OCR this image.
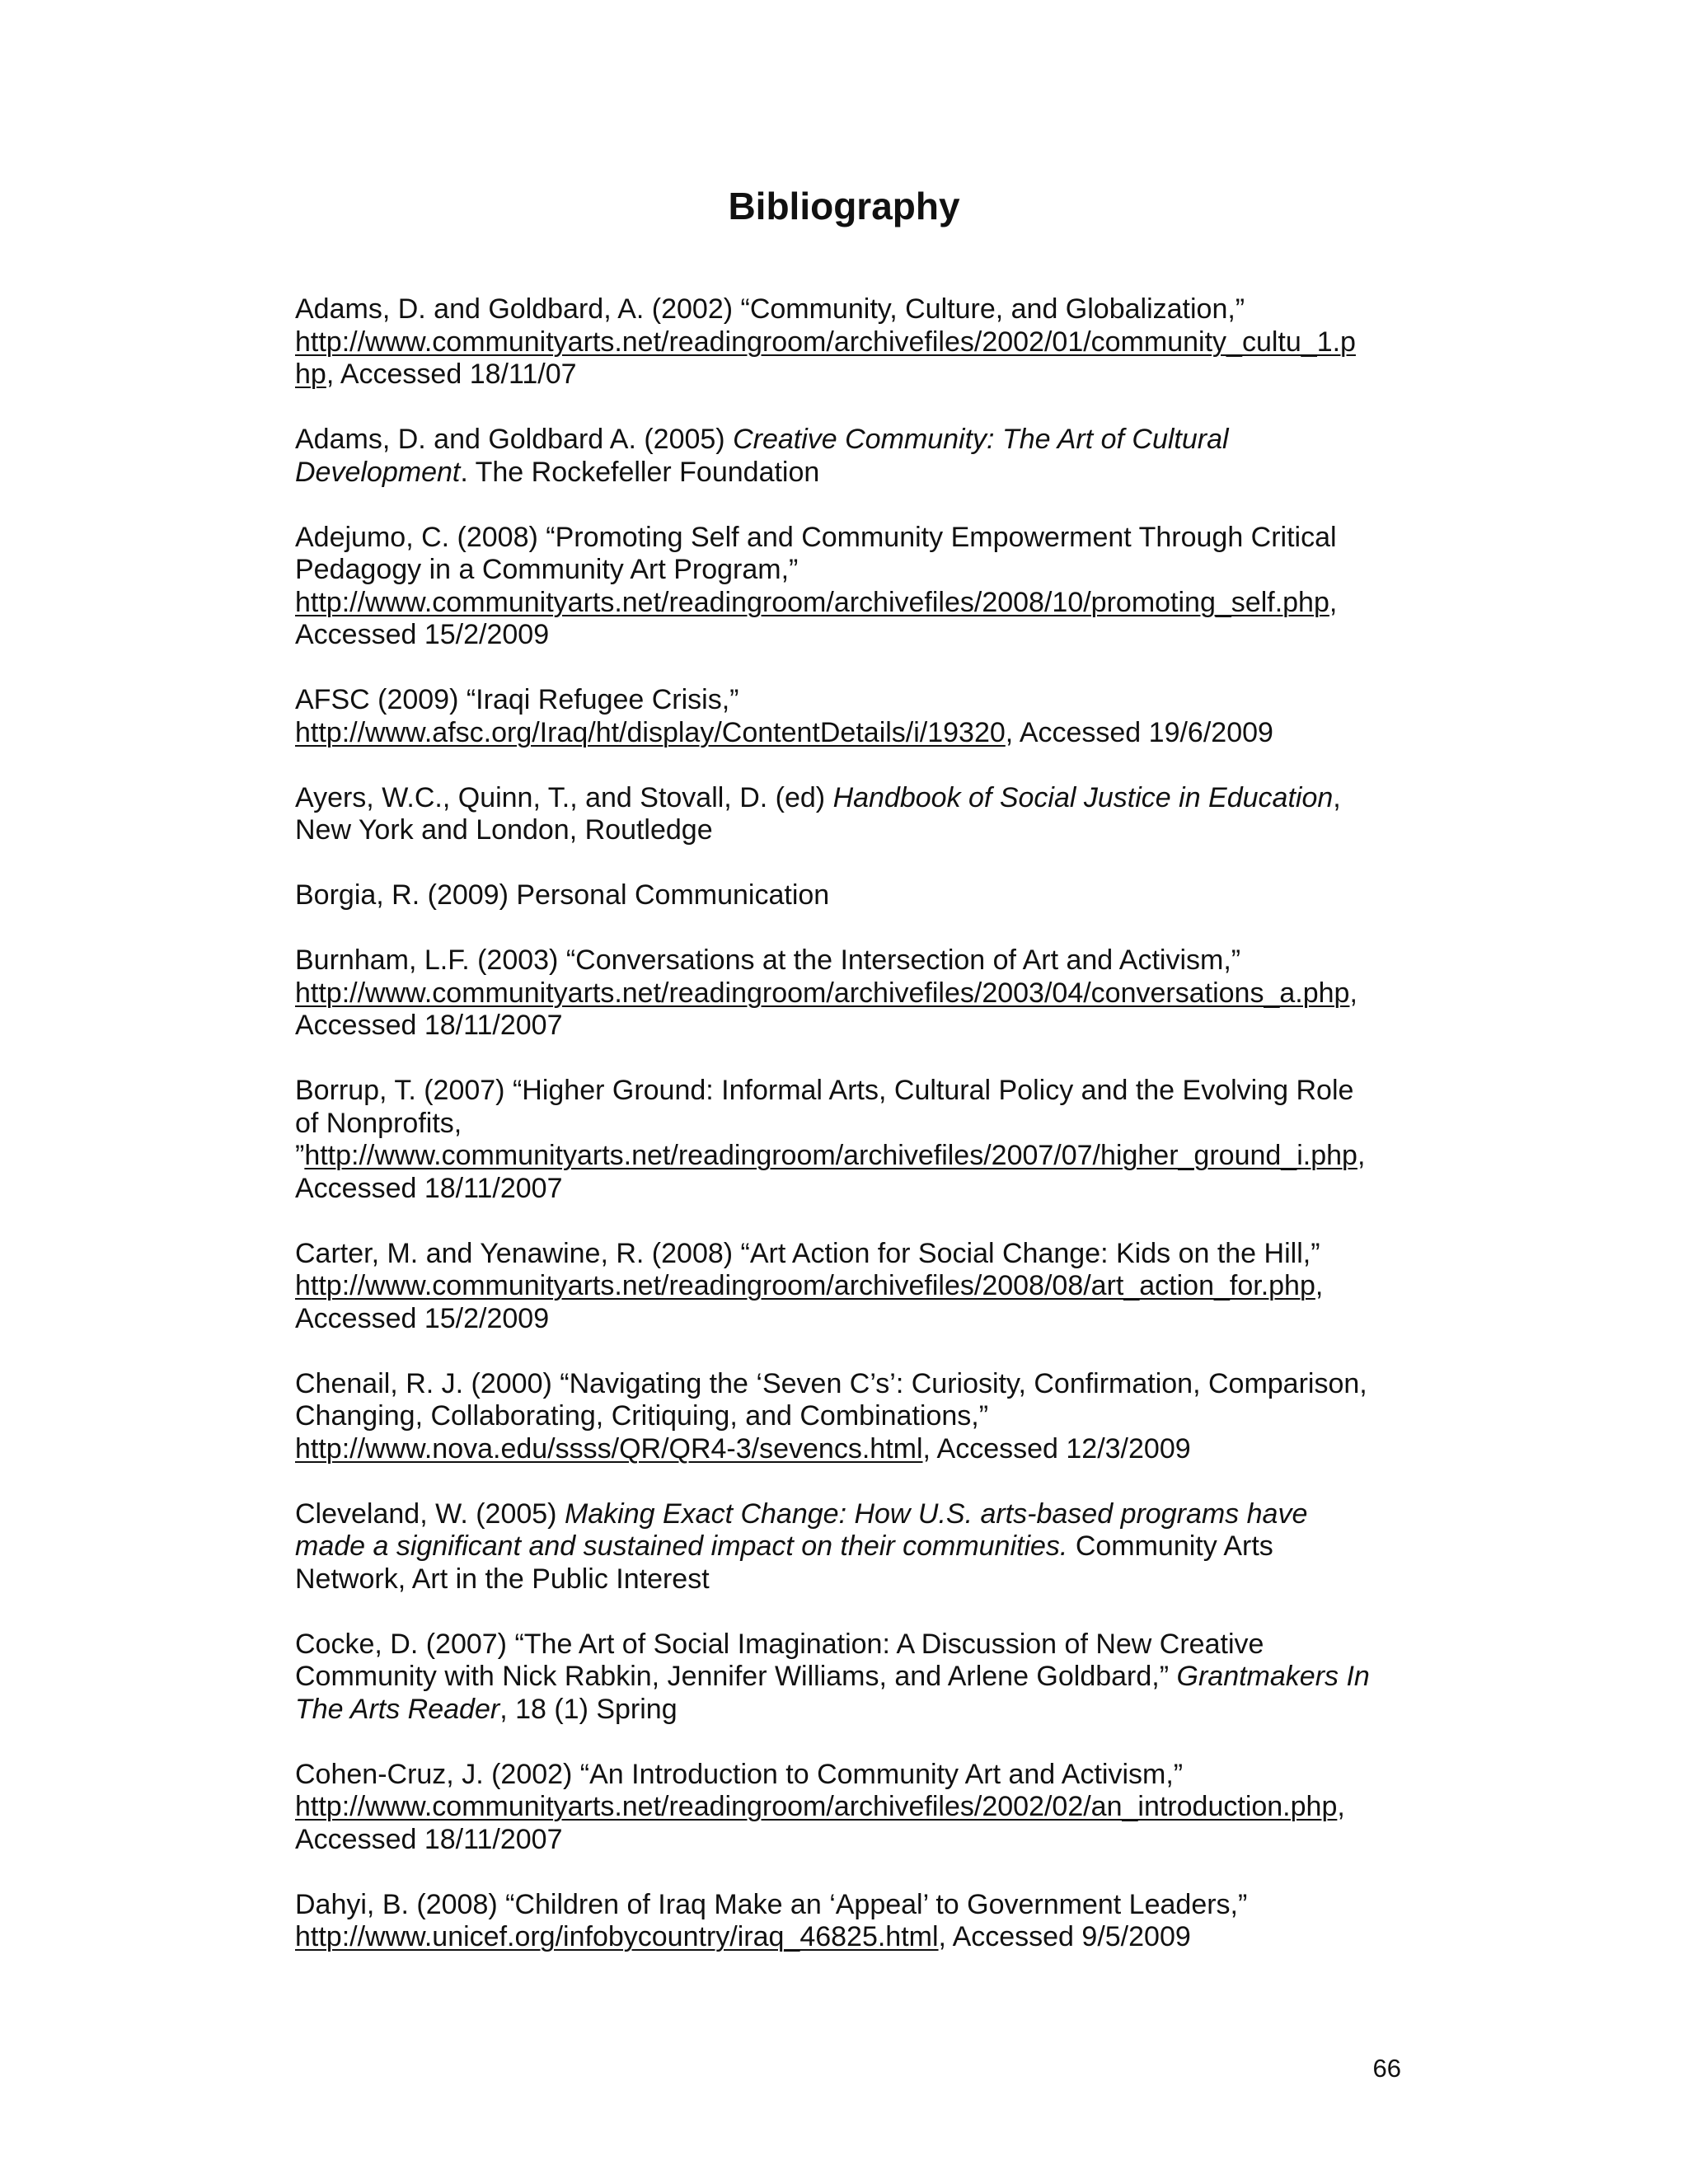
Bibliography
Adams, D. and Goldbard, A. (2002) “Community, Culture, and Globalization,”
http://www.communityarts.net/readingroom/archivefiles/2002/01/community_cultu_1.p
hp, Accessed 18/11/07
Adams, D. and Goldbard A. (2005) Creative Community: The Art of Cultural
Development. The Rockefeller Foundation
Adejumo, C. (2008) “Promoting Self and Community Empowerment Through Critical
Pedagogy in a Community Art Program,”
http://www.communityarts.net/readingroom/archivefiles/2008/10/promoting_self.php,
Accessed 15/2/2009
AFSC (2009) “Iraqi Refugee Crisis,”
http://www.afsc.org/Iraq/ht/display/ContentDetails/i/19320, Accessed 19/6/2009
Ayers, W.C., Quinn, T., and Stovall, D. (ed) Handbook of Social Justice in Education,
New York and London, Routledge
Borgia, R. (2009) Personal Communication
Burnham, L.F. (2003) “Conversations at the Intersection of Art and Activism,”
http://www.communityarts.net/readingroom/archivefiles/2003/04/conversations_a.php,
Accessed 18/11/2007
Borrup, T. (2007) “Higher Ground: Informal Arts, Cultural Policy and the Evolving Role
of Nonprofits,
”http://www.communityarts.net/readingroom/archivefiles/2007/07/higher_ground_i.php,
Accessed 18/11/2007
Carter, M. and Yenawine, R. (2008) “Art Action for Social Change: Kids on the Hill,”
http://www.communityarts.net/readingroom/archivefiles/2008/08/art_action_for.php,
Accessed 15/2/2009
Chenail, R. J. (2000) “Navigating the ‘Seven C’s’: Curiosity, Confirmation, Comparison,
Changing, Collaborating, Critiquing, and Combinations,”
http://www.nova.edu/ssss/QR/QR4-3/sevencs.html, Accessed 12/3/2009
Cleveland, W. (2005) Making Exact Change: How U.S. arts-based programs have
made a significant and sustained impact on their communities. Community Arts
Network, Art in the Public Interest
Cocke, D. (2007) “The Art of Social Imagination: A Discussion of New Creative
Community with Nick Rabkin, Jennifer Williams, and Arlene Goldbard,” Grantmakers In
The Arts Reader, 18 (1) Spring
Cohen-Cruz, J. (2002) “An Introduction to Community Art and Activism,”
http://www.communityarts.net/readingroom/archivefiles/2002/02/an_introduction.php,
Accessed 18/11/2007
Dahyi, B. (2008) “Children of Iraq Make an ‘Appeal’ to Government Leaders,”
http://www.unicef.org/infobycountry/iraq_46825.html, Accessed 9/5/2009
66
